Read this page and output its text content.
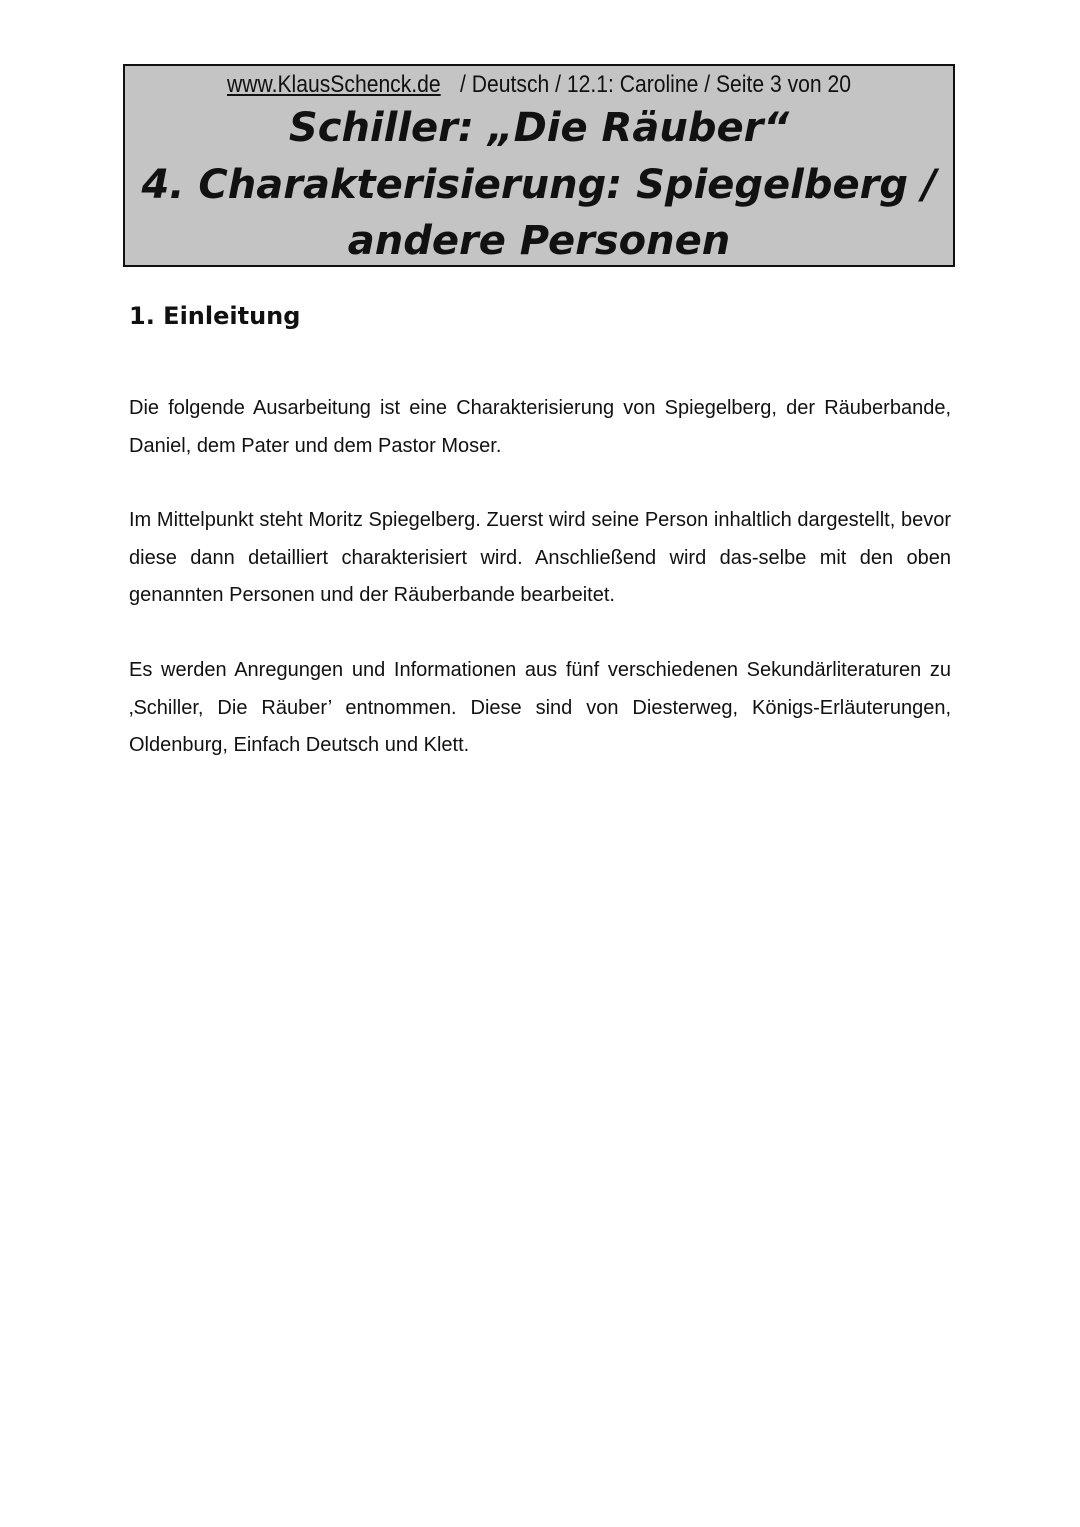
www.KlausSchenck.de / Deutsch / 12.1: Caroline / Seite 3 von 20
Schiller: „Die Räuber“
4. Charakterisierung: Spiegelberg /
andere Personen
1. Einleitung

Die folgende Ausarbeitung ist eine Charakterisierung von Spiegelberg, der Räuberbande, Daniel, dem Pater und dem Pastor Moser.

Im Mittelpunkt steht Moritz Spiegelberg. Zuerst wird seine Person inhaltlich dargestellt, bevor diese dann detailliert charakterisiert wird. Anschließend wird das-selbe mit den oben genannten Personen und der Räuberbande bearbeitet.

Es werden Anregungen und Informationen aus fünf verschiedenen Sekundärliteraturen zu ‚Schiller, Die Räuber’ entnommen. Diese sind von Diesterweg, Königs-Erläuterungen, Oldenburg, Einfach Deutsch und Klett.
